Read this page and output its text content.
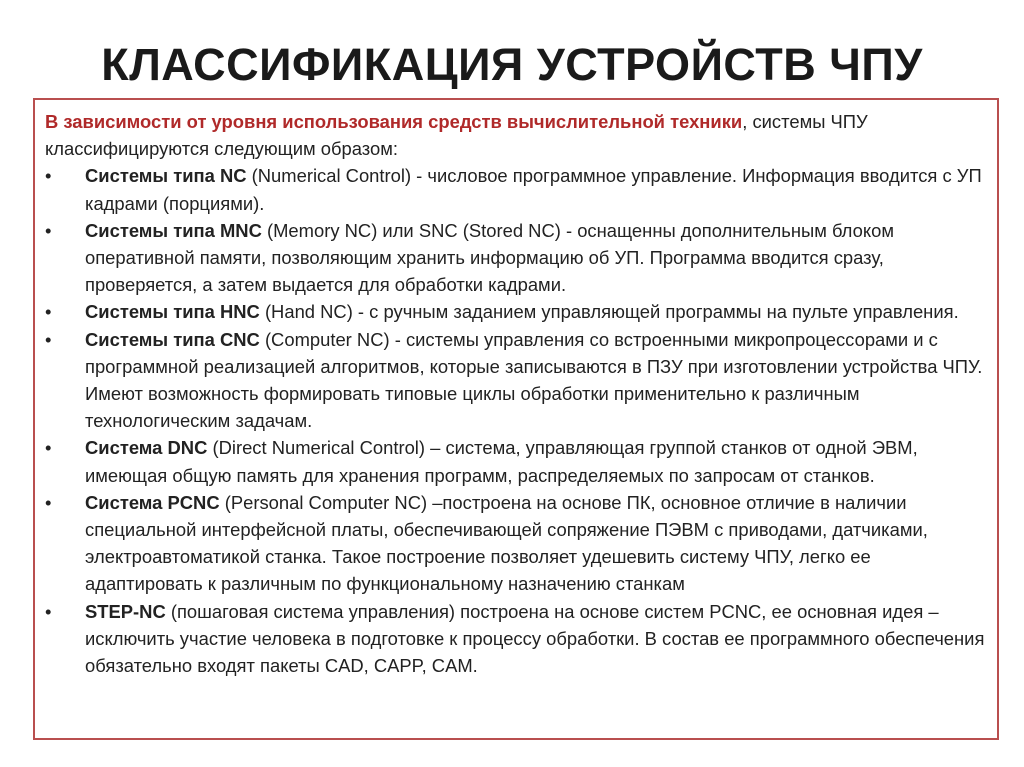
КЛАССИФИКАЦИЯ УСТРОЙСТВ ЧПУ

В зависимости от уровня использования средств вычислительной техники, системы ЧПУ классифицируются следующим образом:

•	Системы типа NC (Numerical Control) - числовое программное управление. Информация вводится с УП кадрами (порциями).
•	Системы типа MNC (Memory NC) или SNC (Stored NC) - оснащенны дополнительным блоком оперативной памяти, позволяющим хранить информацию об УП. Программа вводится сразу, проверяется, а затем выдается для обработки кадрами.
•	Системы типа HNC (Hand NC) - с ручным заданием управляющей программы на пульте управления.
•	Системы типа CNC (Computer NC) - системы управления со встроенными микропроцессорами и с программной реализацией алгоритмов, которые записываются в ПЗУ при изготовлении устройства ЧПУ. Имеют возможность формировать типовые циклы обработки применительно к различным технологическим задачам.
•	Система DNC (Direct Numerical Control) – система, управляющая группой станков от одной ЭВМ, имеющая общую память для хранения программ, распределяемых по запросам от станков.
•	Система PCNC (Personal Computer NC) –построена на основе ПК, основное отличие в наличии специальной интерфейсной платы, обеспечивающей сопряжение ПЭВМ с приводами, датчиками, электроавтоматикой станка. Такое построение позволяет удешевить систему ЧПУ, легко ее адаптировать к различным по функциональному назначению станкам
•	STEP-NC (пошаговая система управления) построена на основе систем PCNC, ее основная идея – исключить участие человека в подготовке к процессу обработки. В состав ее программного обеспечения обязательно входят пакеты CAD, CAPP, CAM.
